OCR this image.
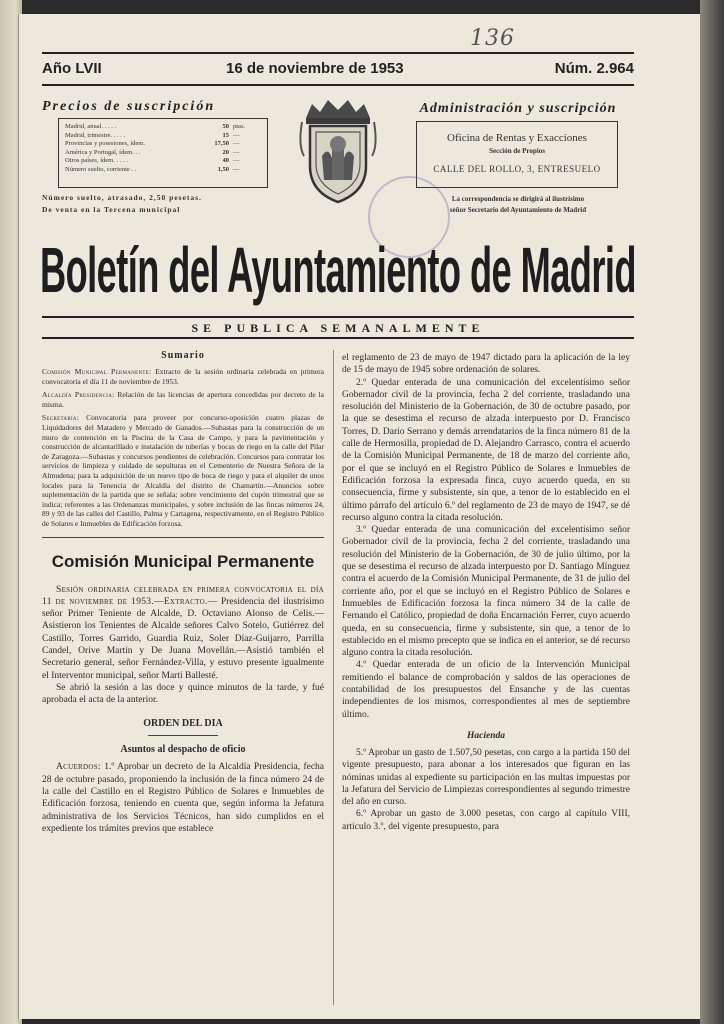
136
Año LVII	16 de noviembre de 1953	Núm. 2.964
Precios de suscripción
Madrid, anual. . . . .	50 ptas.
Madrid, trimestre. . . . .	15 —
Provincias y posesiones, ídem.	17,50 —
América y Portugal, ídem. . .	20 —
Otros países, ídem. . . . .	40 —
Número suelto, corriente . .	1,50 —
Número suelto, atrasado, 2,50 pesetas.
De venta en la Tercena municipal
Administración y suscripción
Oficina de Rentas y Exacciones
Sección de Propios
CALLE DEL ROLLO, 3, ENTRESUELO
La correspondencia se dirigirá al ilustrísimo
señor Secretario del Ayuntamiento de Madrid
Boletín del Ayuntamiento de Madrid
SE PUBLICA SEMANALMENTE
Sumario

Comisión Municipal Permanente: Extracto de la sesión ordinaria celebrada en primera convocatoria el día 11 de noviembre de 1953.

Alcaldía Presidencia: Relación de las licencias de apertura concedidas por decreto de la misma.

Secretaría: Convocatoria para proveer por concurso-oposición cuatro plazas de Liquidadores del Matadero y Mercado de Ganados.—Subastas para la construcción de un muro de contención en la Piscina de la Casa de Campo, y para la pavimentación y construcción de alcantarillado e instalación de tuberías y bocas de riego en la calle del Pilar de Zaragoza.—Subastas y concursos pendientes de celebración. Concursos para contratar los servicios de limpieza y cuidado de sepulturas en el Cementerio de Nuestra Señora de la Almudena; para la adquisición de un nuevo tipo de boca de riego y para el alquiler de unos locales para la Tenencia de Alcaldía del distrito de Chamartín.—Anuncios sobre suplementación de la partida que se señala; sobre vencimiento del cupón trimestral que se indica; referentes a las Ordenanzas municipales, y sobre inclusión de las fincas números 24, 89 y 93 de las calles del Castillo, Palma y Cartagena, respectivamente, en el Registro Público de Solares e Inmuebles de Edificación forzosa.

Comisión Municipal Permanente

Sesión ordinaria celebrada en primera convocatoria el día 11 de noviembre de 1953.—Extracto.— Presidencia del ilustrísimo señor Primer Teniente de Alcalde, D. Octaviano Alonso de Celis.—Asistieron los Tenientes de Alcalde señores Calvo Sotelo, Gutiérrez del Castillo, Torres Garrido, Guardia Ruiz, Soler Díaz-Guijarro, Parrilla Candel, Orive Martín y De Juana Movellán.—Asistió también el Secretario general, señor Fernández-Villa, y estuvo presente igualmente el Interventor municipal, señor Martí Ballesté.

Se abrió la sesión a las doce y quince minutos de la tarde, y fué aprobada el acta de la anterior.

ORDEN DEL DIA
Asuntos al despacho de oficio

Acuerdos: 1.º Aprobar un decreto de la Alcaldía Presidencia, fecha 28 de octubre pasado, proponiendo la inclusión de la finca número 24 de la calle del Castillo en el Registro Público de Solares e Inmuebles de Edificación forzosa, teniendo en cuenta que, según informa la Jefatura administrativa de los Servicios Técnicos, han sido cumplidos en el expediente los trámites previos que establece

el reglamento de 23 de mayo de 1947 dictado para la aplicación de la ley de 15 de mayo de 1945 sobre ordenación de solares.

2.º Quedar enterada de una comunicación del excelentísimo señor Gobernador civil de la provincia, fecha 2 del corriente, trasladando una resolución del Ministerio de la Gobernación, de 30 de octubre pasado, por la que se desestima el recurso de alzada interpuesto por D. Francisco Torres, D. Darío Serrano y demás arrendatarios de la finca número 81 de la calle de Hermosilla, propiedad de D. Alejandro Carrasco, contra el acuerdo de la Comisión Municipal Permanente, de 18 de marzo del corriente año, por el que se incluyó en el Registro Público de Solares e Inmuebles de Edificación forzosa la expresada finca, cuyo acuerdo queda, en su consecuencia, firme y subsistente, sin que, a tenor de lo establecido en el último párrafo del artículo 6.º del reglamento de 23 de mayo de 1947, se dé recurso alguno contra la citada resolución.

3.º Quedar enterada de una comunicación del excelentísimo señor Gobernador civil de la provincia, fecha 2 del corriente, trasladando una resolución del Ministerio de la Gobernación, de 30 de julio último, por la que se desestima el recurso de alzada interpuesto por D. Santiago Mínguez contra el acuerdo de la Comisión Municipal Permanente, de 31 de julio del corriente año, por el que se incluyó en el Registro Público de Solares e Inmuebles de Edificación forzosa la finca número 34 de la calle de Fernando el Católico, propiedad de doña Encarnación Ferrer, cuyo acuerdo queda, en su consecuencia, firme y subsistente, sin que, a tenor de lo establecido en el mismo precepto que se indica en el anterior, se dé recurso alguno contra la citada resolución.

4.º Quedar enterada de un oficio de la Intervención Municipal remitiendo el balance de comprobación y saldos de las operaciones de contabilidad de los presupuestos del Ensanche y de las cuentas independientes de los mismos, correspondientes al mes de septiembre último.

Hacienda

5.º Aprobar un gasto de 1.507,50 pesetas, con cargo a la partida 150 del vigente presupuesto, para abonar a los interesados que figuran en las nóminas unidas al expediente su participación en las multas impuestas por la Jefatura del Servicio de Limpiezas correspondientes al segundo trimestre del año en curso.

6.º Aprobar un gasto de 3.000 pesetas, con cargo al capítulo VIII, artículo 3.º, del vigente presupuesto, para
